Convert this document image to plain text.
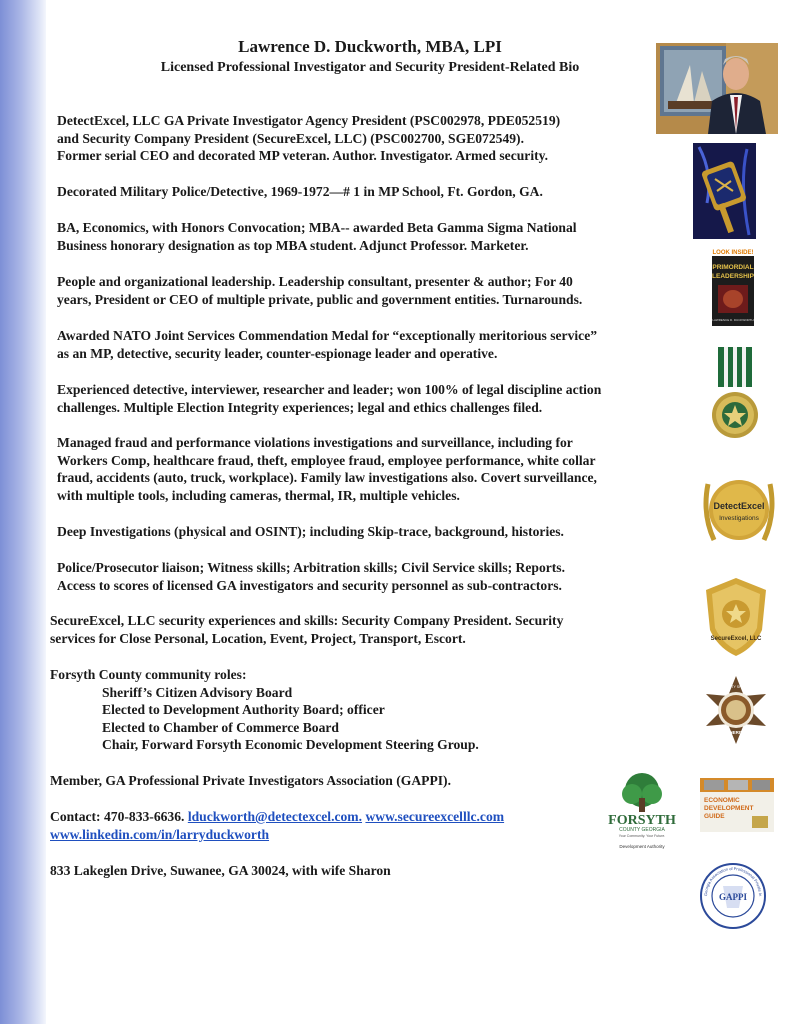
Lawrence D. Duckworth, MBA, LPI
Licensed Professional Investigator and Security President-Related Bio
DetectExcel, LLC GA Private Investigator Agency President (PSC002978, PDE052519)
and Security Company President (SecureExcel, LLC) (PSC002700, SGE072549).
Former serial CEO and decorated MP veteran. Author. Investigator. Armed security.
Decorated Military Police/Detective, 1969-1972—# 1 in MP School, Ft. Gordon, GA.
BA, Economics, with Honors Convocation; MBA-- awarded Beta Gamma Sigma National
Business honorary designation as top MBA student. Adjunct Professor. Marketer.
People and organizational leadership. Leadership consultant, presenter & author; For 40
years, President or CEO of multiple private, public and government entities. Turnarounds.
Awarded NATO Joint Services Commendation Medal for “exceptionally meritorious service”
as an MP, detective, security leader, counter-espionage leader and operative.
Experienced detective, interviewer, researcher and leader; won 100% of legal discipline action
challenges. Multiple Election Integrity experiences; legal and ethics challenges filed.
Managed fraud and performance violations investigations and surveillance, including for
Workers Comp, healthcare fraud, theft, employee fraud, employee performance, white collar
fraud, accidents (auto, truck, workplace). Family law investigations also. Covert surveillance,
with multiple tools, including cameras, thermal, IR, multiple vehicles.
Deep Investigations (physical and OSINT); including Skip-trace, background, histories.
Police/Prosecutor liaison; Witness skills; Arbitration skills; Civil Service skills; Reports.
Access to scores of licensed GA investigators and security personnel as sub-contractors.
SecureExcel, LLC security experiences and skills: Security Company President. Security
services for Close Personal, Location, Event, Project, Transport, Escort.
Forsyth County community roles:
Sheriff’s Citizen Advisory Board
Elected to Development Authority Board; officer
Elected to Chamber of Commerce Board
Chair, Forward Forsyth Economic Development Steering Group.
Member, GA Professional Private Investigators Association (GAPPI).
Contact: 470-833-6636. lduckworth@detectexcel.com. www.secureexcelllc.com
www.linkedin.com/in/larryduckworth
833 Lakeglen Drive, Suwanee, GA 30024, with wife Sharon
LOOK INSIDE!
PRIMORDIAL
LEADERSHIP
LAWRENCE D. DUCKWORTH
DetectExcel
Investigations
SecureExcel, LLC
FORSYTH COUNTY SHERIFF'S OFFICE
SHERIFF
FORSYTH
COUNTY GEORGIA
Your Community. Your Future.
Development Authority
ECONOMIC
DEVELOPMENT
GUIDE
Georgia Association of Professional Private In
GAPPI
